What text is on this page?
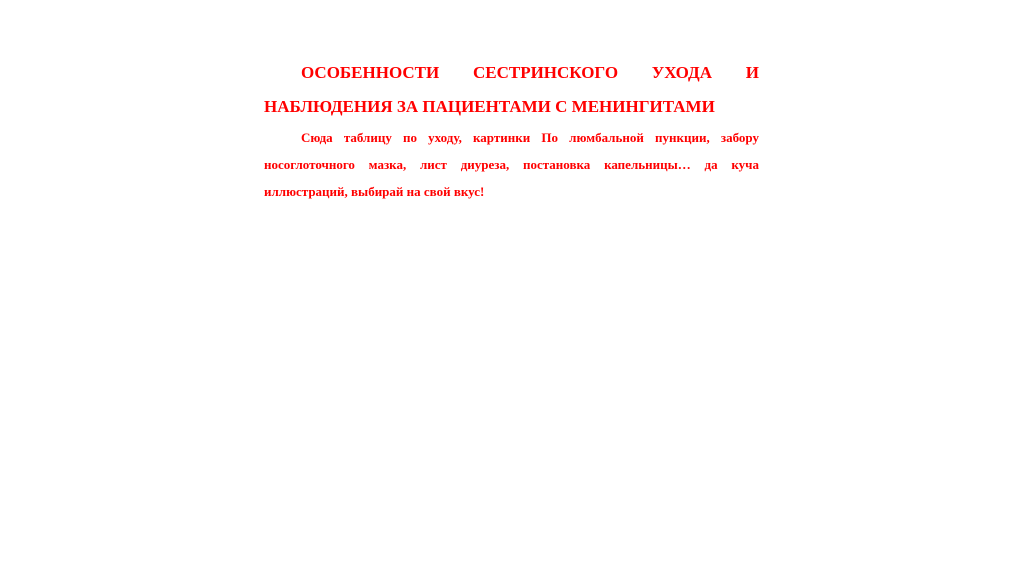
ОСОБЕННОСТИ СЕСТРИНСКОГО УХОДА И НАБЛЮДЕНИЯ ЗА ПАЦИЕНТАМИ С МЕНИНГИТАМИ

Сюда таблицу по уходу, картинки По люмбальной пункции, забору носоглоточного мазка, лист диуреза, постановка капельницы… да куча иллюстраций, выбирай на свой вкус!
